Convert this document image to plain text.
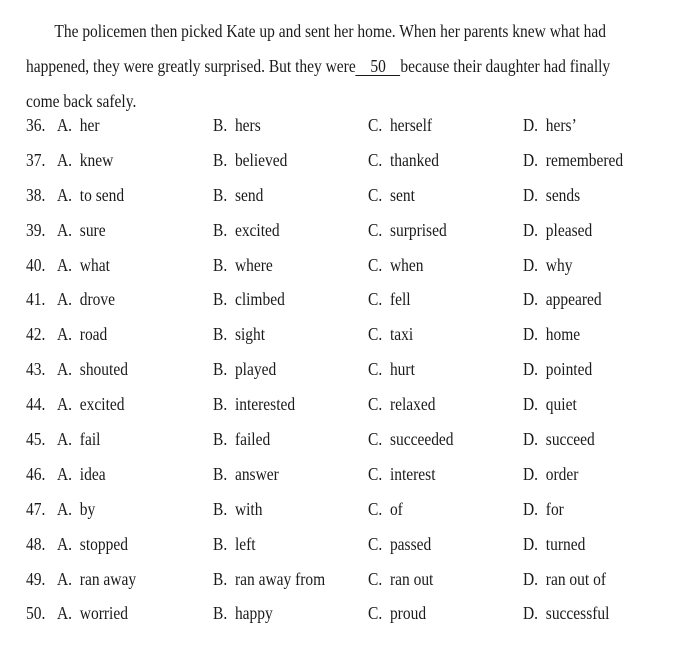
The policemen then picked Kate up and sent her home. When her parents knew what had

happened, they were greatly surprised. But they were 50 because their daughter had finally

come back safely.

36. A. her	B. hers	C. herself	D. hers’
37. A. knew	B. believed	C. thanked	D. remembered
38. A. to send	B. send	C. sent	D. sends
39. A. sure	B. excited	C. surprised	D. pleased
40. A. what	B. where	C. when	D. why
41. A. drove	B. climbed	C. fell	D. appeared
42. A. road	B. sight	C. taxi	D. home
43. A. shouted	B. played	C. hurt	D. pointed
44. A. excited	B. interested	C. relaxed	D. quiet
45. A. fail	B. failed	C. succeeded	D. succeed
46. A. idea	B. answer	C. interest	D. order
47. A. by	B. with	C. of	D. for
48. A. stopped	B. left	C. passed	D. turned
49. A. ran away	B. ran away from C. ran out	D. ran out of
50. A. worried	B. happy	C. proud	D. successful
